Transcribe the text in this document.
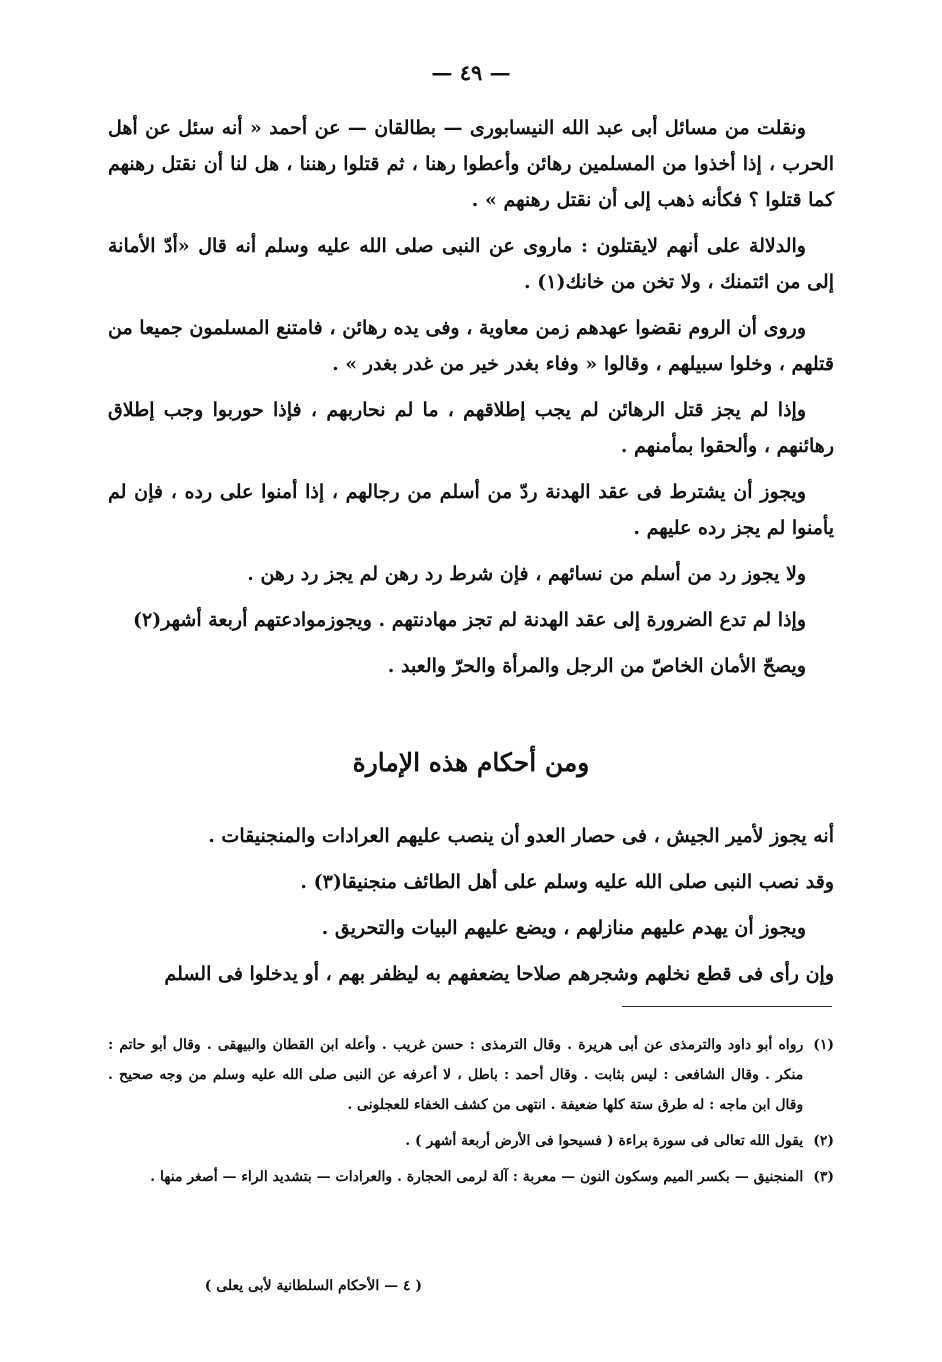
— ٤٩ —

ونقلت من مسائل أبى عبد الله النيسابورى — بطالقان — عن أحمد « أنه سئل عن أهل الحرب ، إذا أخذوا من المسلمين رهائن وأعطوا رهنا ، ثم قتلوا رهننا ، هل لنا أن نقتل رهنهم كما قتلوا ؟ فكأنه ذهب إلى أن نقتل رهنهم » .

والدلالة على أنهم لايقتلون : ماروى عن النبى صلى الله عليه وسلم أنه قال «أدّ الأمانة إلى من ائتمنك ، ولا تخن من خانك(١) .

وروى أن الروم نقضوا عهدهم زمن معاوية ، وفى يده رهائن ، فامتنع المسلمون جميعا من قتلهم ، وخلوا سبيلهم ، وقالوا « وفاء بغدر خير من غدر بغدر » .

وإذا لم يجز قتل الرهائن لم يجب إطلاقهم ، ما لم نحاربهم ، فإذا حوربوا وجب إطلاق رهائنهم ، وألحقوا بمأمنهم .

ويجوز أن يشترط فى عقد الهدنة ردّ من أسلم من رجالهم ، إذا أمنوا على رده ، فإن لم يأمنوا لم يجز رده عليهم .

ولا يجوز رد من أسلم من نسائهم ، فإن شرط رد رهن لم يجز رد رهن .

وإذا لم تدع الضرورة إلى عقد الهدنة لم تجز مهادنتهم . ويجوزموادعتهم أربعة أشهر(٢)

ويصحّ الأمان الخاصّ من الرجل والمرأة والحرّ والعبد .

ومن أحكام هذه الإمارة

أنه يجوز لأمير الجيش ، فى حصار العدو أن ينصب عليهم العرادات والمنجنيقات .

وقد نصب النبى صلى الله عليه وسلم على أهل الطائف منجنيقا(٣) .

ويجوز أن يهدم عليهم منازلهم ، ويضع عليهم البيات والتحريق .

وإن رأى فى قطع نخلهم وشجرهم صلاحا يضعفهم به ليظفر بهم ، أو يدخلوا فى السلم

(١)
رواه أبو داود والترمذى عن أبى هريرة . وقال الترمذى : حسن غريب . وأعله ابن القطان والبيهقى . وقال أبو حاتم : منكر . وقال الشافعى : ليس بثابت . وقال أحمد : باطل ، لا أعرفه عن النبى صلى الله عليه وسلم من وجه صحيح . وقال ابن ماجه : له طرق ستة كلها ضعيفة . انتهى من كشف الخفاء للعجلونى .
(٢)
يقول الله تعالى فى سورة براءة ( فسيحوا فى الأرض أربعة أشهر ) .
(٣)
المنجنيق — بكسر الميم وسكون النون — معربة : آلة لرمى الحجارة . والعرادات — بتشديد الراء — أصغر منها .
( ٤ — الأحكام السلطانية لأبى يعلى )
